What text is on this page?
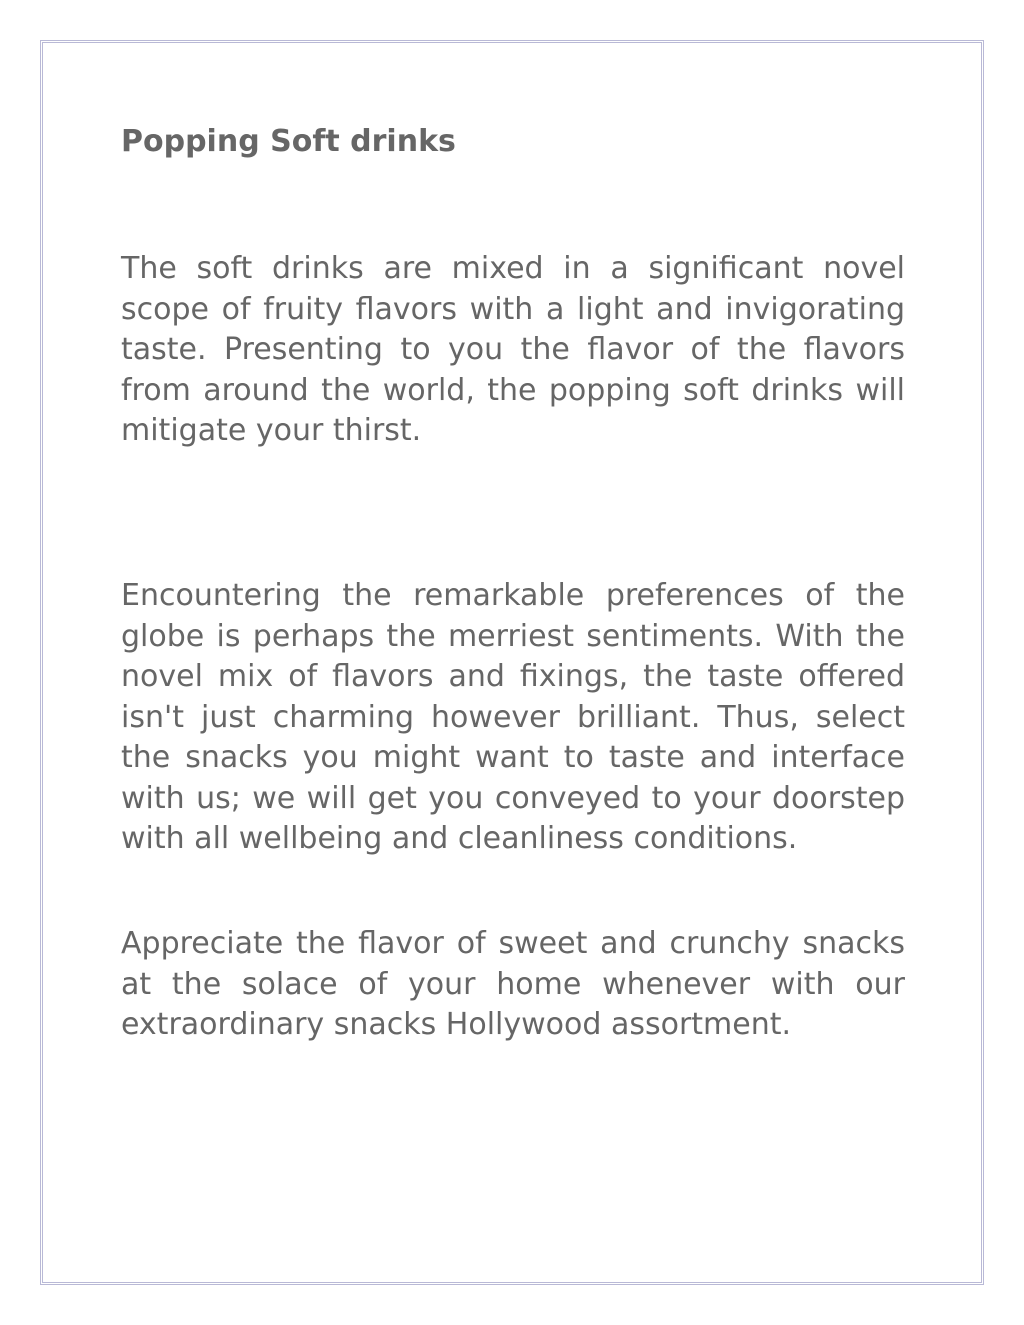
Popping Soft drinks

The soft drinks are mixed in a significant novel scope of fruity flavors with a light and invigorating taste. Presenting to you the flavor of the flavors from around the world, the popping soft drinks will mitigate your thirst.

Encountering the remarkable preferences of the globe is perhaps the merriest sentiments. With the novel mix of flavors and fixings, the taste offered isn't just charming however brilliant. Thus, select the snacks you might want to taste and interface with us; we will get you conveyed to your doorstep with all wellbeing and cleanliness conditions.

Appreciate the flavor of sweet and crunchy snacks at the solace of your home whenever with our extraordinary snacks Hollywood assortment.
